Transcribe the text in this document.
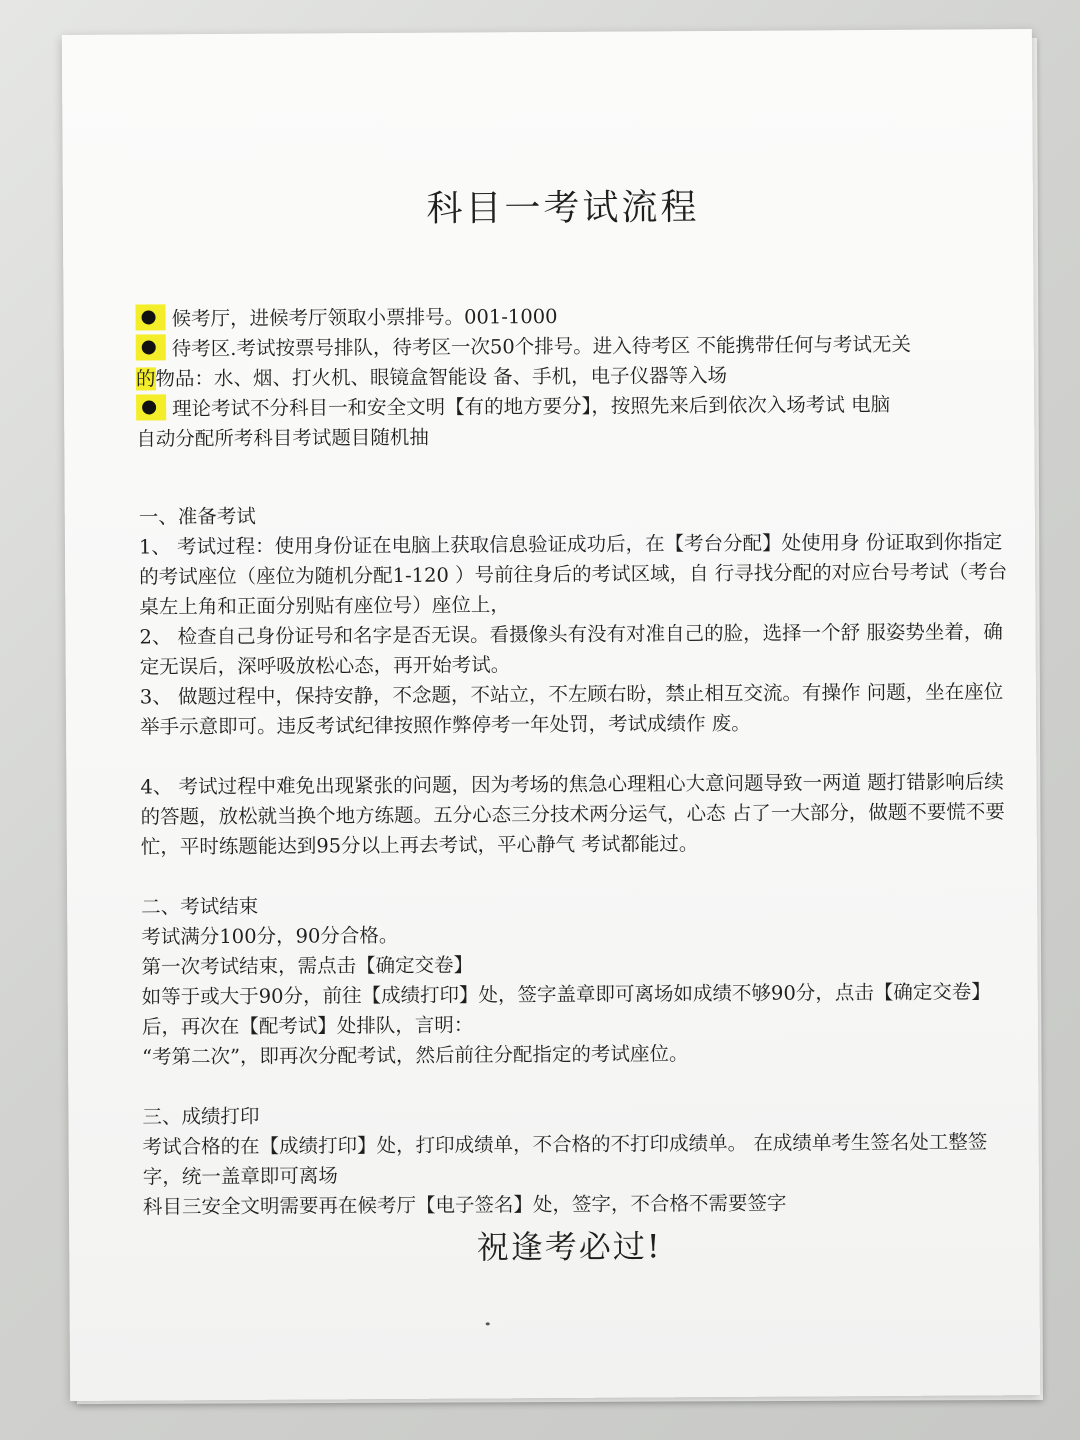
科目一考试流程
候考厅，进候考厅领取小票排号。001-1000
待考区.考试按票号排队，待考区一次50个排号。进入待考区 不能携带任何与考试无关
的物品：水、烟、打火机、眼镜盒智能设 备、手机，电子仪器等入场
理论考试不分科目一和安全文明【有的地方要分】，按照先来后到依次入场考试 电脑
自动分配所考科目考试题目随机抽

一、准备考试

1、 考试过程：使用身份证在电脑上获取信息验证成功后，在【考台分配】处使用身 份证取到你指定的考试座位（座位为随机分配1-120 ）号前往身后的考试区域，自 行寻找分配的对应台号考试（考台桌左上角和正面分别贴有座位号）座位上，

2、 检查自己身份证号和名字是否无误。看摄像头有没有对准自己的脸，选择一个舒 服姿势坐着，确定无误后，深呼吸放松心态，再开始考试。

3、 做题过程中，保持安静，不念题，不站立，不左顾右盼，禁止相互交流。有操作 问题，坐在座位举手示意即可。违反考试纪律按照作弊停考一年处罚，考试成绩作 废。

4、 考试过程中难免出现紧张的问题，因为考场的焦急心理粗心大意问题导致一两道 题打错影响后续的答题，放松就当换个地方练题。五分心态三分技术两分运气，心态 占了一大部分，做题不要慌不要忙，平时练题能达到95分以上再去考试，平心静气 考试都能过。

二、考试结束

考试满分100分，90分合格。

第一次考试结束，需点击【确定交卷】

如等于或大于90分，前往【成绩打印】处，签字盖章即可离场如成绩不够90分，点击【确定交卷】后，再次在【配考试】处排队，言明：

“考第二次”，即再次分配考试，然后前往分配指定的考试座位。

三、成绩打印

考试合格的在【成绩打印】处，打印成绩单，不合格的不打印成绩单。 在成绩单考生签名处工整签字，统一盖章即可离场

科目三安全文明需要再在候考厅【电子签名】处，签字，不合格不需要签字

祝逢考必过!
